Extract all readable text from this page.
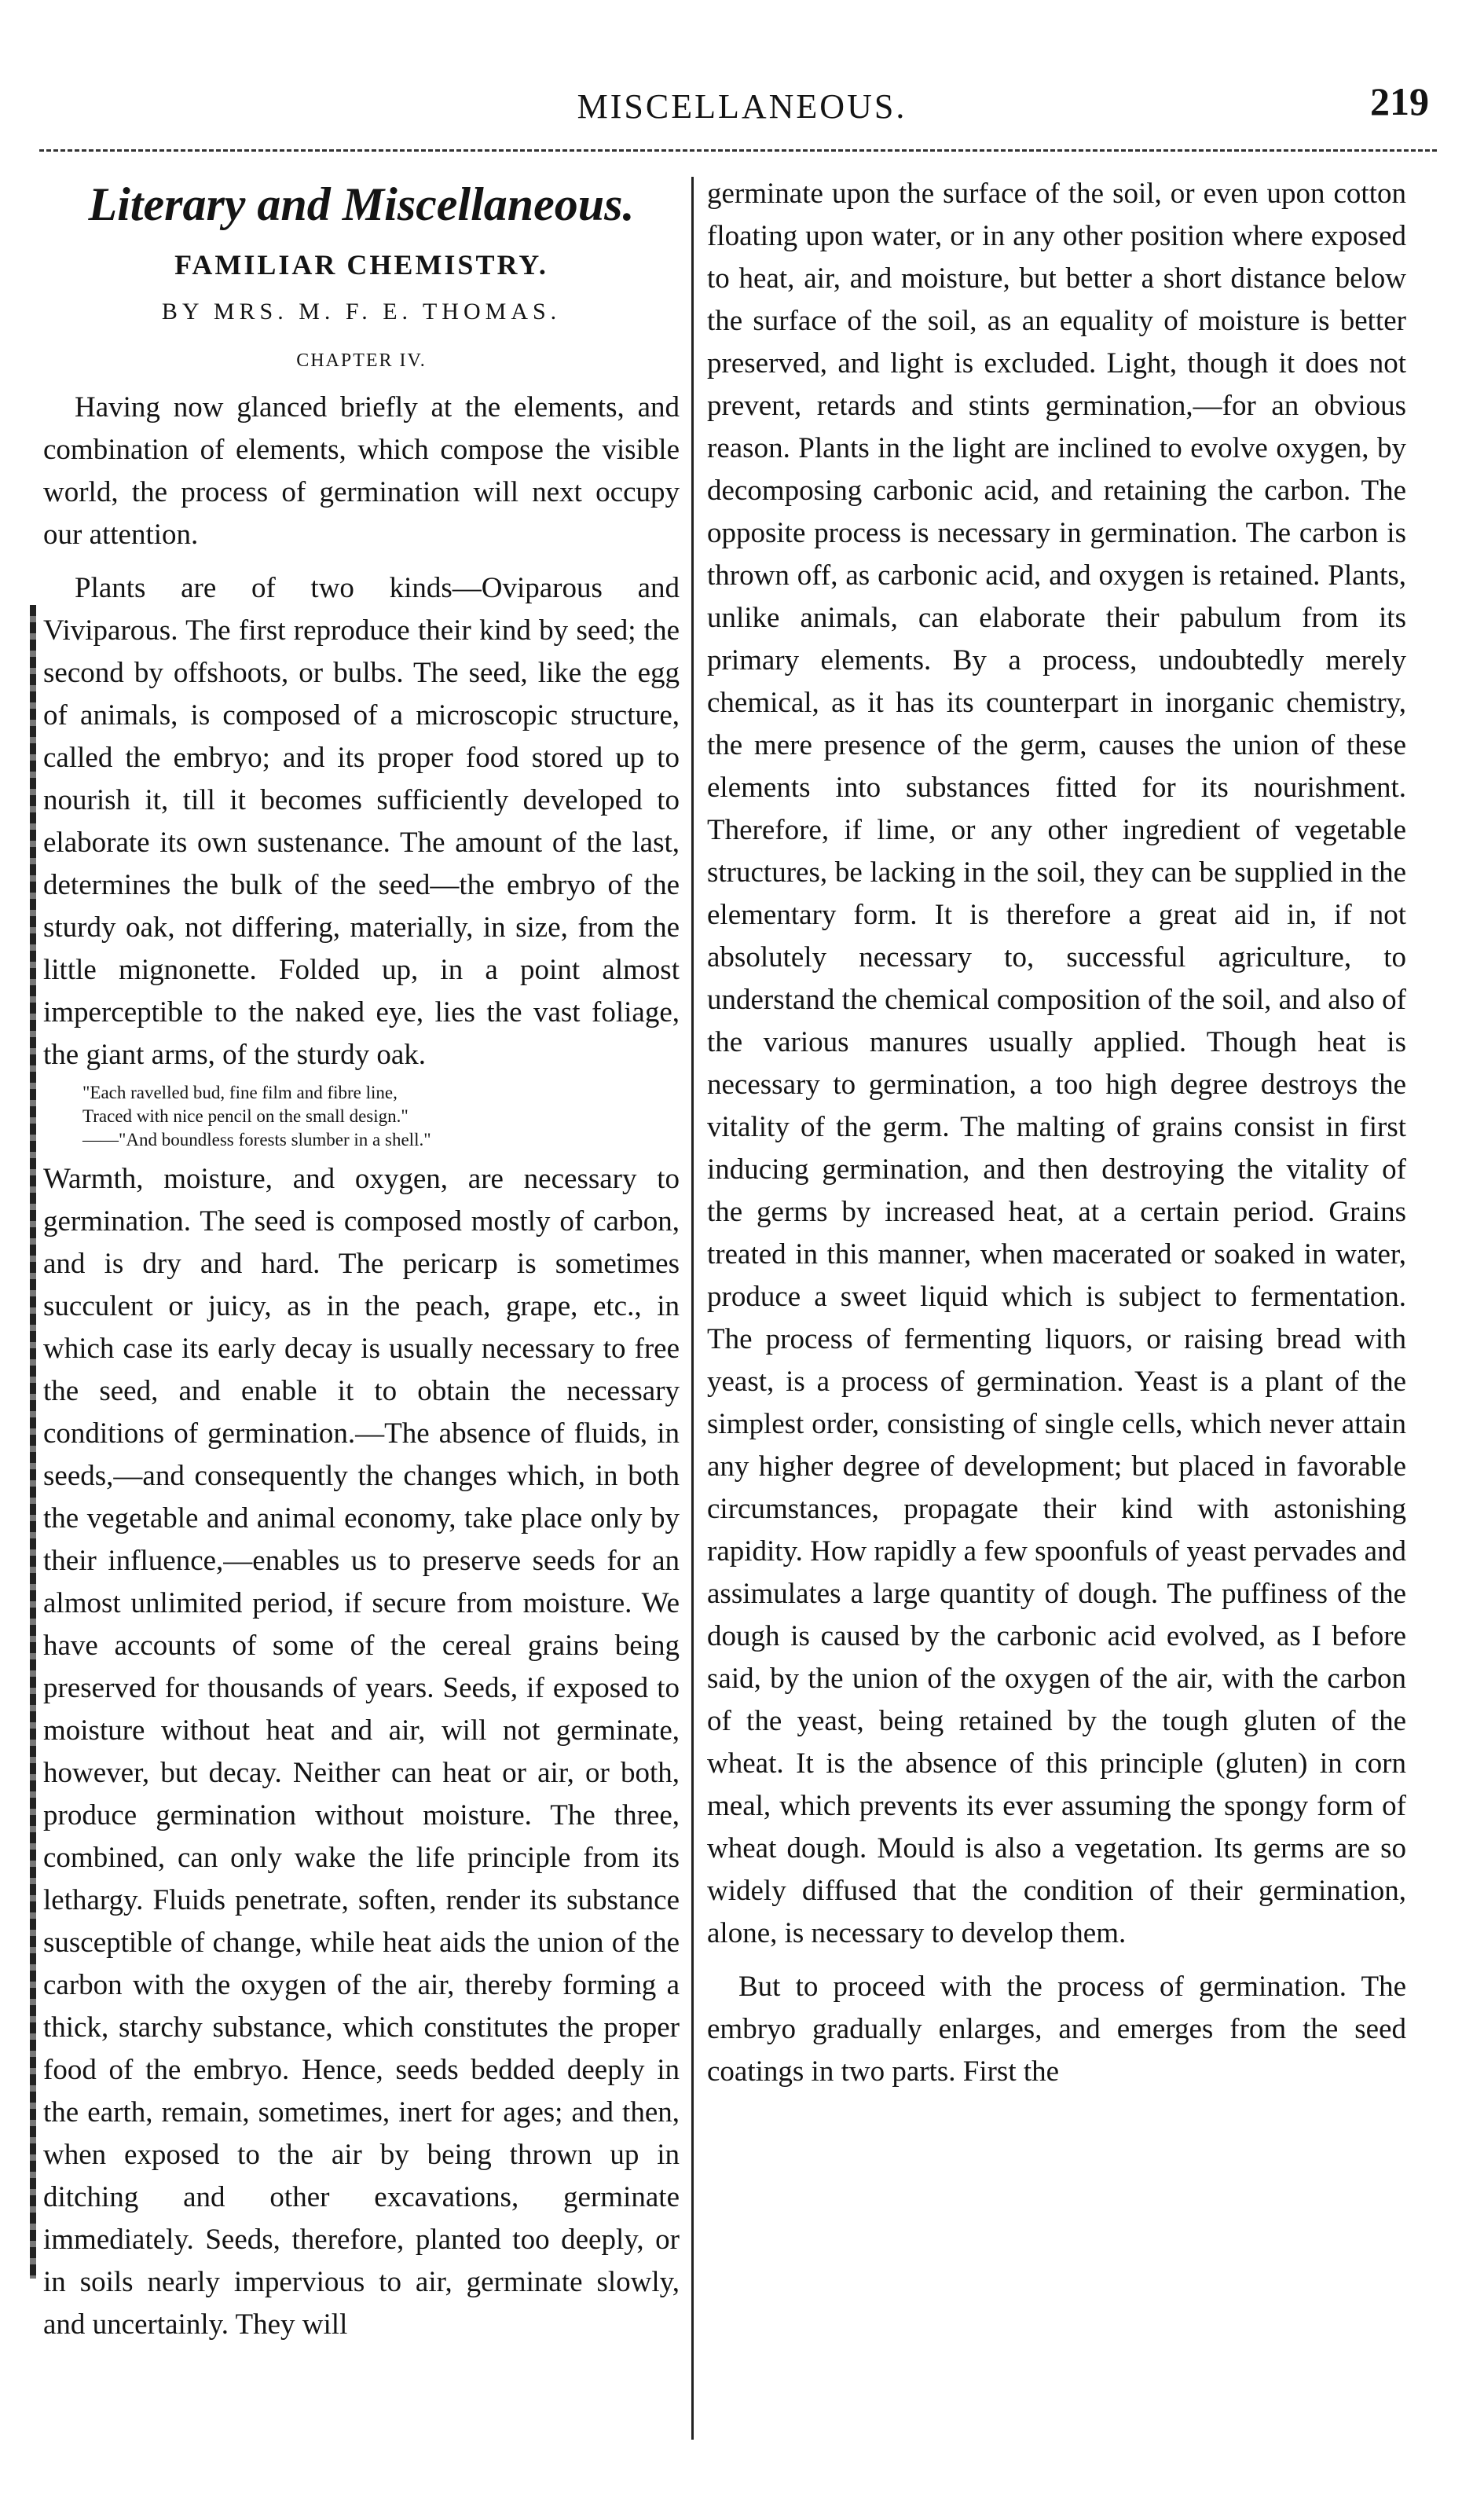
MISCELLANEOUS.	219
Literary and Miscellaneous.
FAMILIAR CHEMISTRY.
BY MRS. M. F. E. THOMAS.
CHAPTER IV.

Having now glanced briefly at the elements, and combination of elements, which compose the visible world, the process of germination will next occupy our attention.

Plants are of two kinds—Oviparous and Viviparous. The first reproduce their kind by seed; the second by offshoots, or bulbs. The seed, like the egg of animals, is composed of a microscopic structure, called the embryo; and its proper food stored up to nourish it, till it becomes sufficiently developed to elaborate its own sustenance. The amount of the last, determines the bulk of the seed—the embryo of the sturdy oak, not differing, materially, in size, from the little mignonette. Folded up, in a point almost imperceptible to the naked eye, lies the vast foliage, the giant arms, of the sturdy oak.

"Each ravelled bud, fine film and fibre line,
Traced with nice pencil on the small design."
——"And boundless forests slumber in a shell."

Warmth, moisture, and oxygen, are necessary to germination. The seed is composed mostly of carbon, and is dry and hard. The pericarp is sometimes succulent or juicy, as in the peach, grape, etc., in which case its early decay is usually necessary to free the seed, and enable it to obtain the necessary conditions of germination.—The absence of fluids, in seeds,—and consequently the changes which, in both the vegetable and animal economy, take place only by their influence,—enables us to preserve seeds for an almost unlimited period, if secure from moisture. We have accounts of some of the cereal grains being preserved for thousands of years. Seeds, if exposed to moisture without heat and air, will not germinate, however, but decay. Neither can heat or air, or both, produce germination without moisture. The three, combined, can only wake the life principle from its lethargy. Fluids penetrate, soften, render its substance susceptible of change, while heat aids the union of the carbon with the oxygen of the air, thereby forming a thick, starchy substance, which constitutes the proper food of the embryo. Hence, seeds bedded deeply in the earth, remain, sometimes, inert for ages; and then, when exposed to the air by being thrown up in ditching and other excavations, germinate immediately. Seeds, therefore, planted too deeply, or in soils nearly impervious to air, germinate slowly, and uncertainly. They will

germinate upon the surface of the soil, or even upon cotton floating upon water, or in any other position where exposed to heat, air, and moisture, but better a short distance below the surface of the soil, as an equality of moisture is better preserved, and light is excluded. Light, though it does not prevent, retards and stints germination,—for an obvious reason. Plants in the light are inclined to evolve oxygen, by decomposing carbonic acid, and retaining the carbon. The opposite process is necessary in germination. The carbon is thrown off, as carbonic acid, and oxygen is retained. Plants, unlike animals, can elaborate their pabulum from its primary elements. By a process, undoubtedly merely chemical, as it has its counterpart in inorganic chemistry, the mere presence of the germ, causes the union of these elements into substances fitted for its nourishment. Therefore, if lime, or any other ingredient of vegetable structures, be lacking in the soil, they can be supplied in the elementary form. It is therefore a great aid in, if not absolutely necessary to, successful agriculture, to understand the chemical composition of the soil, and also of the various manures usually applied. Though heat is necessary to germination, a too high degree destroys the vitality of the germ. The malting of grains consist in first inducing germination, and then destroying the vitality of the germs by increased heat, at a certain period. Grains treated in this manner, when macerated or soaked in water, produce a sweet liquid which is subject to fermentation. The process of fermenting liquors, or raising bread with yeast, is a process of germination. Yeast is a plant of the simplest order, consisting of single cells, which never attain any higher degree of development; but placed in favorable circumstances, propagate their kind with astonishing rapidity. How rapidly a few spoonfuls of yeast pervades and assimulates a large quantity of dough. The puffiness of the dough is caused by the carbonic acid evolved, as I before said, by the union of the oxygen of the air, with the carbon of the yeast, being retained by the tough gluten of the wheat. It is the absence of this principle (gluten) in corn meal, which prevents its ever assuming the spongy form of wheat dough. Mould is also a vegetation. Its germs are so widely diffused that the condition of their germination, alone, is necessary to develop them.

But to proceed with the process of germination. The embryo gradually enlarges, and emerges from the seed coatings in two parts. First the
